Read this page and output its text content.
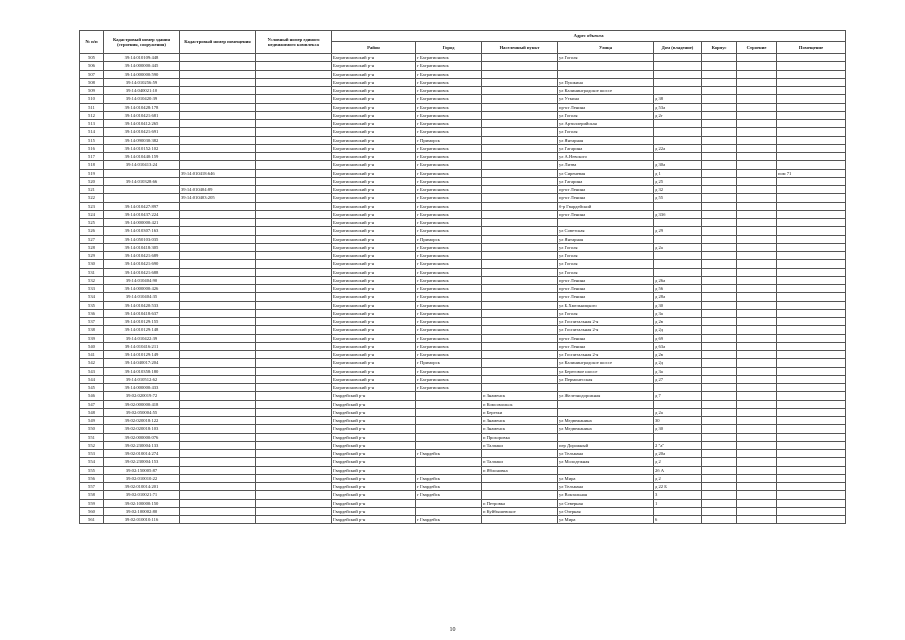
№ п/п	Кадастровый номер здания (строения, сооружения)	Кадастровый номер помещения	Условный номер единого недвижимого комплекса	Адрес объекта							
				Район	Город	Населенный пункт	Улица	Дом (владение)	Корпус	Строение	Помещение
505	39:14:010109:448			Багратионовский р-н	г Багратионовск		ул Гоголя				
506	39:14:000000:445			Багратионовский р-н	г Багратионовск						
507	39:14:000000:590			Багратионовский р-н	г Багратионовск						
508	39:14:010256:59			Багратионовский р-н	г Багратионовск		ул Пушкина				
509	39:14:040021:10			Багратионовский р-н	г Багратионовск		ул Калининградское шоссе				
510	39:14:010420:39			Багратионовский р-н	г Багратионовск		ул Уткина	д 38			
511	39:14:010428:178			Багратионовский р-н	г Багратионовск		пр-кт Ленина	д 53а			
512	39:14:010421:681			Багратионовский р-н	г Багратионовск		ул Гоголя	д 2г			
513	39:14:010412:265			Багратионовский р-н	г Багратионовск		ул Артиллерийская				
514	39:14:010421:691			Багратионовский р-н	г Багратионовск		ул Гоголя				
515	39:14:090030:382			Багратионовский р-н	г Приморск		ул Янтарная				
516	39:14:010152:102			Багратионовский р-н	г Багратионовск		ул Гагарина	д 22а			
517	39:14:010440:159			Багратионовский р-н	г Багратионовск		ул А.Невского				
518	39:14:010413:24			Багратионовский р-н	г Багратионовск		ул Литва	д 30а			
519		39:14:010418:646		Багратионовский р-н	г Багратионовск		ул Сиреневая	д 1			пом 71
520	39:14:010328:66			Багратионовский р-н	г Багратионовск		ул Гагарина	д 25			
521		39:14:010404:89		Багратионовский р-н	г Багратионовск		пр-кт Ленина	д 32			
522		39:14:010403:205		Багратионовский р-н	г Багратионовск		пр-кт Ленина	д 55			
523	39:14:010427:897			Багратионовский р-н	г Багратионовск		б-р Гвардейский				
524	39:14:010437:224			Багратионовский р-н	г Багратионовск		пр-кт Ленина	д 33б			
525	39:14:000000:421			Багратионовский р-н	г Багратионовск						
526	39:14:010307:163			Багратионовский р-н	г Багратионовск		ул Советская	д 29			
527	39:14:050103:035			Багратионовский р-н	г Приморск		ул Янтарная				
528	39:14:010418:305			Багратионовский р-н	г Багратионовск		ул Гоголя	д 2а			
529	39:14:010421:689			Багратионовский р-н	г Багратионовск		ул Гоголя				
530	39:14:010421:690			Багратионовский р-н	г Багратионовск		ул Гоголя				
531	39:14:010421:688			Багратионовский р-н	г Багратионовск		ул Гоголя				
532	39:14:010404:90			Багратионовский р-н	г Багратионовск		пр-кт Ленина	д 26а			
533	39:14:000000:426			Багратионовский р-н	г Багратионовск		пр-кт Ленина	д 56			
534	39:14:010404:35			Багратионовский р-н	г Багратионовск		пр-кт Ленина	д 28а			
535	39:14:010420:533			Багратионовский р-н	г Багратионовск		ул Б.Хмельницкого	д 30			
536	39:14:010418:637			Багратионовский р-н	г Багратионовск		ул Гоголя	д 3а			
537	39:14:010129:155			Багратионовский р-н	г Багратионовск		ул Госпитальная 2-я	д 2в			
538	39:14:010129:148			Багратионовский р-н	г Багратионовск		ул Госпитальная 2-я	д 2д			
539	39:14:010422:39			Багратионовский р-н	г Багратионовск		пр-кт Ленина	д 69			
540	39:14:010416:211			Багратионовский р-н	г Багратионовск		пр-кт Ленина	д 63а			
541	39:14:010129:149			Багратионовский р-н	г Багратионовск		ул Госпитальная 2-я	д 2в			
542	39:14:040017:204			Багратионовский р-н	г Приморск		ул Калининградское шоссе	д 2д			
543	39:14:010358:180			Багратионовский р-н	г Багратионовск		ул Береговое шоссе	д 3а			
544	39:14:010512:62			Багратионовский р-н	г Багратионовск		ул Пермонесская	д 27			
545	39:14:000000:433			Багратионовский р-н	г Багратионовск						
546	39:02:020019:72			Гвардейский р-н		п Знаменск	ул Железнодорожная	д 7			
547	39:02:000000:418			Гвардейский р-н		п Комсомольск					
548	39:02:050004:55			Гвардейский р-н		п Березки		д 2а			
549	39:02:020018:122			Гвардейский р-н		п Знаменск	ул Медвежанина	30			
550	39:02:020018:103			Гвардейский р-н		п Знаменск	ул Медвежанина	д 30			
551	39:02:000000:076			Гвардейский р-н		п Прохоровка					
552	39:02:230004:133			Гвардейский р-н		п Талпаки	пер Дорожный	2 "а"			
553	39:02:010014:274			Гвардейский р-н	г Гвардейск		ул Тельмана	д 20а			
554	39:02:230004:153			Гвардейский р-н		п Талпаки	ул Молодежная	д 2			
555	39:02:150005:87			Гвардейский р-н		п Яблоновка		2б А			
556	39:02:010010:22			Гвардейский р-н	г Гвардейск		ул Мира	д 2			
557	39:02:010014:201			Гвардейский р-н	г Гвардейск		ул Тельмана	д 22 Б			
558	39:02:010021:71			Гвардейский р-н	г Гвардейск		ул Вокзальная	3			
559	39:02:100000:150			Гвардейский р-н		п Петровка	ул Северная	1			
560	39:02:100002:80			Гвардейский р-н		п Куйбышевское	ул Озерная				
561	39:02:010010:116			Гвардейский р-н	г Гвардейск		ул Мира	6			
10
